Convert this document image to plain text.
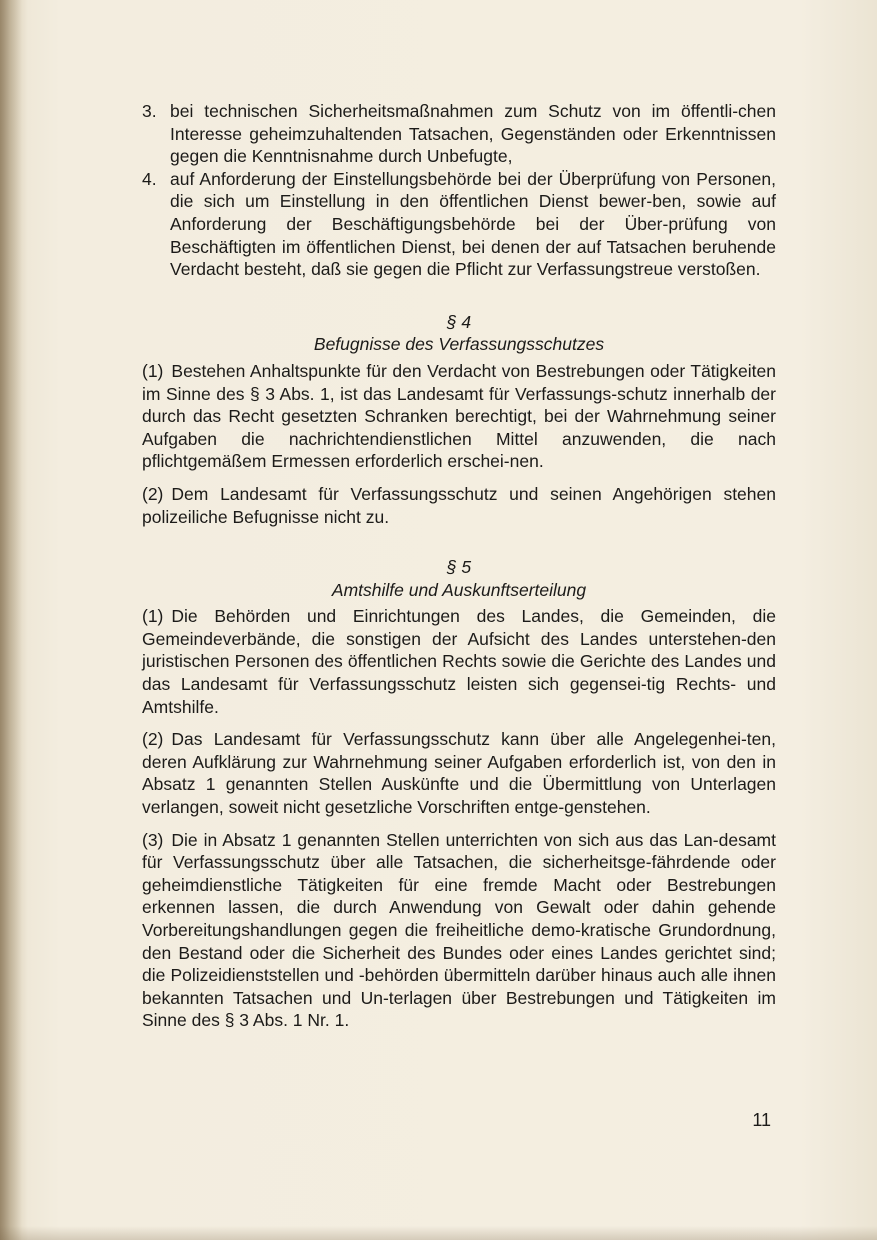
3. bei technischen Sicherheitsmaßnahmen zum Schutz von im öffentli-chen Interesse geheimzuhaltenden Tatsachen, Gegenständen oder Erkenntnissen gegen die Kenntnisnahme durch Unbefugte,
4. auf Anforderung der Einstellungsbehörde bei der Überprüfung von Personen, die sich um Einstellung in den öffentlichen Dienst bewer-ben, sowie auf Anforderung der Beschäftigungsbehörde bei der Über-prüfung von Beschäftigten im öffentlichen Dienst, bei denen der auf Tatsachen beruhende Verdacht besteht, daß sie gegen die Pflicht zur Verfassungstreue verstoßen.

§ 4

Befugnisse des Verfassungsschutzes

(1) Bestehen Anhaltspunkte für den Verdacht von Bestrebungen oder Tätigkeiten im Sinne des § 3 Abs. 1, ist das Landesamt für Verfassungs-schutz innerhalb der durch das Recht gesetzten Schranken berechtigt, bei der Wahrnehmung seiner Aufgaben die nachrichtendienstlichen Mittel anzuwenden, die nach pflichtgemäßem Ermessen erforderlich erschei-nen.

(2) Dem Landesamt für Verfassungsschutz und seinen Angehörigen stehen polizeiliche Befugnisse nicht zu.

§ 5

Amtshilfe und Auskunftserteilung

(1) Die Behörden und Einrichtungen des Landes, die Gemeinden, die Gemeindeverbände, die sonstigen der Aufsicht des Landes unterstehen-den juristischen Personen des öffentlichen Rechts sowie die Gerichte des Landes und das Landesamt für Verfassungsschutz leisten sich gegensei-tig Rechts- und Amtshilfe.

(2) Das Landesamt für Verfassungsschutz kann über alle Angelegenhei-ten, deren Aufklärung zur Wahrnehmung seiner Aufgaben erforderlich ist, von den in Absatz 1 genannten Stellen Auskünfte und die Übermittlung von Unterlagen verlangen, soweit nicht gesetzliche Vorschriften entge-genstehen.

(3) Die in Absatz 1 genannten Stellen unterrichten von sich aus das Lan-desamt für Verfassungsschutz über alle Tatsachen, die sicherheitsge-fährdende oder geheimdienstliche Tätigkeiten für eine fremde Macht oder Bestrebungen erkennen lassen, die durch Anwendung von Gewalt oder dahin gehende Vorbereitungshandlungen gegen die freiheitliche demo-kratische Grundordnung, den Bestand oder die Sicherheit des Bundes oder eines Landes gerichtet sind; die Polizeidienststellen und -behörden übermitteln darüber hinaus auch alle ihnen bekannten Tatsachen und Un-terlagen über Bestrebungen und Tätigkeiten im Sinne des § 3 Abs. 1 Nr. 1.

11
